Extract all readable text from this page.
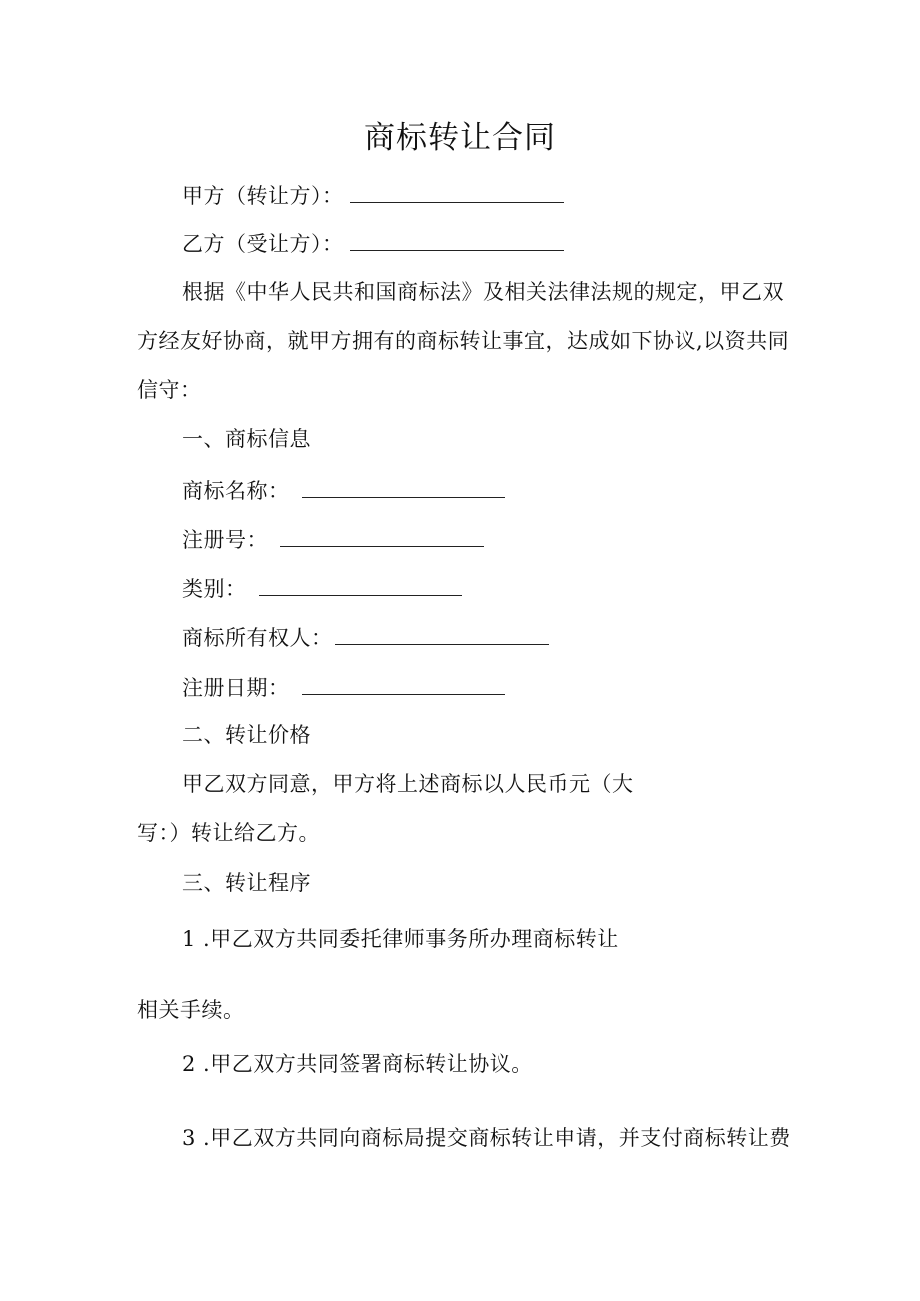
商标转让合同
甲方（转让方）：
乙方（受让方）：
根据《中华人民共和国商标法》及相关法律法规的规定，甲乙双
方经友好协商，就甲方拥有的商标转让事宜，达成如下协议,以资共同
信守：
一、商标信息
商标名称：
注册号：
类别：
商标所有权人：
注册日期：
二、转让价格
甲乙双方同意，甲方将上述商标以人民币元（大
写：）转让给乙方。
三、转让程序
1 .甲乙双方共同委托律师事务所办理商标转让
相关手续。
2 .甲乙双方共同签署商标转让协议。
3 .甲乙双方共同向商标局提交商标转让申请，并支付商标转让费
